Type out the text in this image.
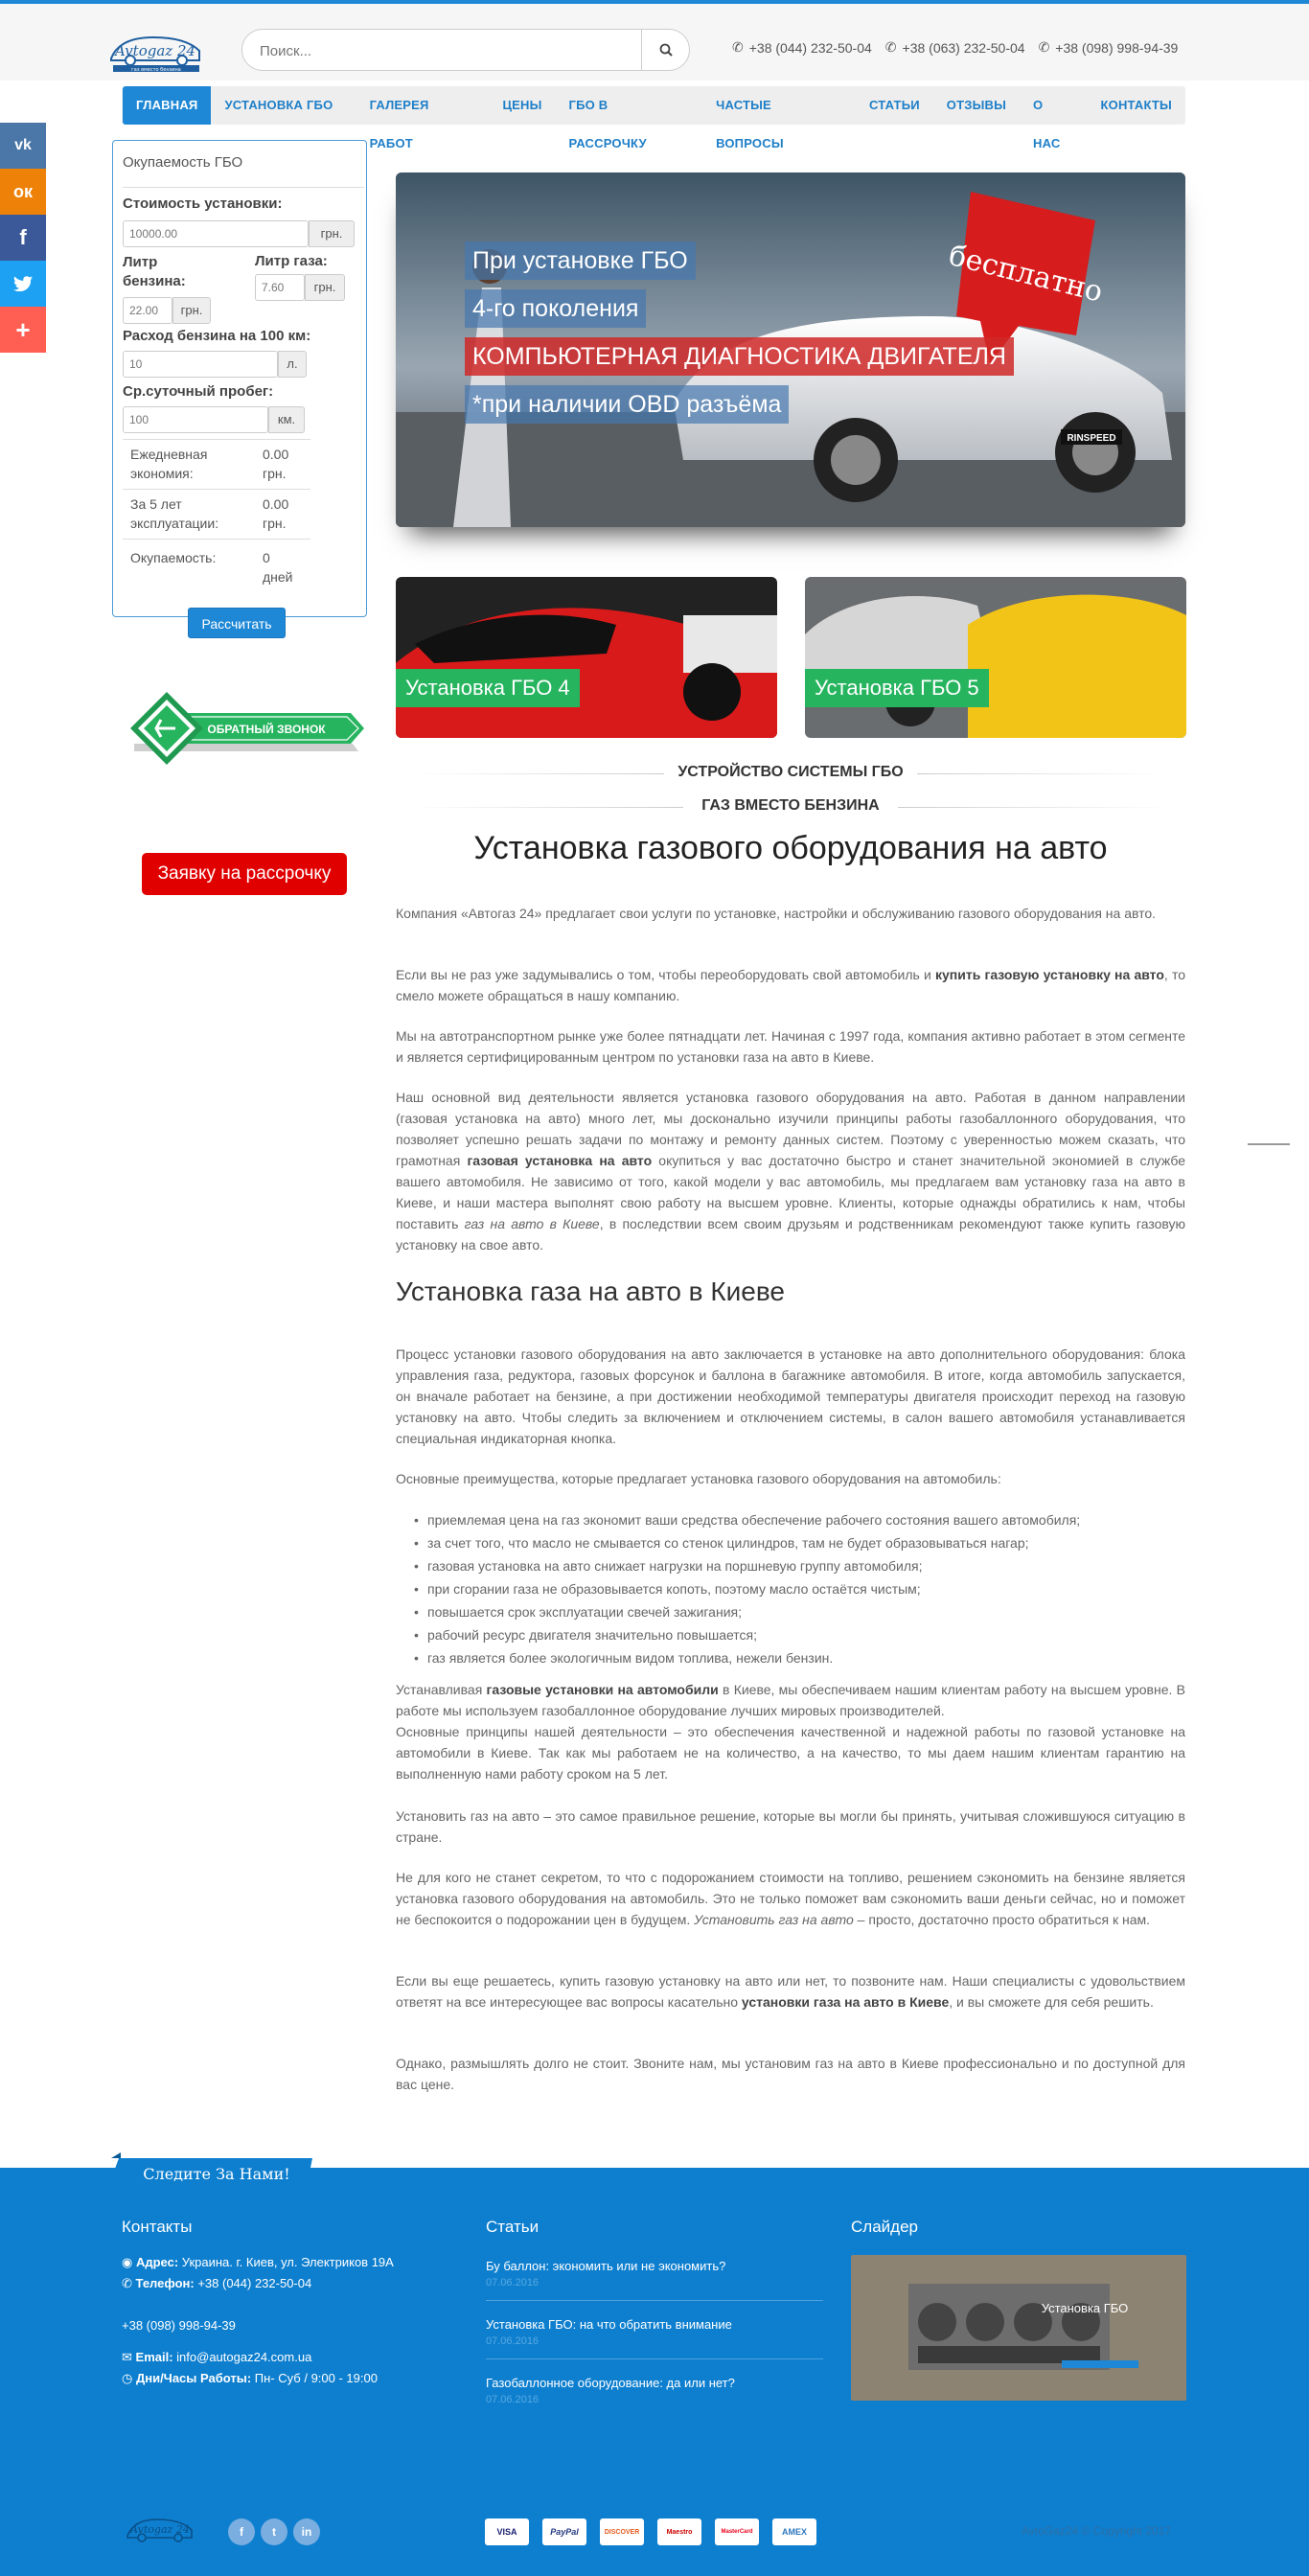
Avtogaz 24
газ вместо бензина
Поиск...
✆ +38 (044) 232-50-04 ✆ +38 (063) 232-50-04 ✆ +38 (098) 998-94-39
ГЛАВНАЯ	УСТАНОВКА ГБО	ГАЛЕРЕЯ РАБОТ
ЦЕНЫ	ГБО В РАССРОЧКУ
ЧАСТЫЕ ВОПРОСЫ
СТАТЬИ	ОТЗЫВЫ	О НАС
КОНТАКТЫ
vk
ок
f
+
Окупаемость ГБО
Стоимость установки:
10000.00
грн.
Литр бензина:
Литр газа:
22.00
грн.
7.60
грн.
Расход бензина на 100 км:
10
л.
Ср.суточный пробег:
100
км.
Ежедневная экономия:
0.00 грн.
За 5 лет эксплуатации:
0.00 грн.
Окупаемость:	0 дней
Рассчитать
ОБРАТНЫЙ ЗВОНОК
Заявку на рассрочку
бесплатно
RINSPEED
При установке ГБО
4-го поколения
КОМПЬЮТЕРНАЯ ДИАГНОСТИКА ДВИГАТЕЛЯ
*при наличии OBD разъёма
Установка ГБО 4	Установка ГБО 5
УСТРОЙСТВО СИСТЕМЫ ГБО
ГАЗ ВМЕСТО БЕНЗИНА
Установка газового оборудования на авто
Компания «Автогаз 24» предлагает свои услуги по установке, настройки и обслуживанию газового оборудования на авто.
Если вы не раз уже задумывались о том, чтобы переоборудовать свой автомобиль и купить газовую установку на авто, то смело можете обращаться в нашу компанию.
Мы на автотранспортном рынке уже более пятнадцати лет. Начиная с 1997 года, компания активно работает в этом сегменте и является сертифицированным центром по установки газа на авто в Киеве.
Наш основной вид деятельности является установка газового оборудования на авто. Работая в данном направлении (газовая установка на авто) много лет, мы досконально изучили принципы работы газобаллонного оборудования, что позволяет успешно решать задачи по монтажу и ремонту данных систем. Поэтому с уверенностью можем сказать, что грамотная газовая установка на авто окупиться у вас достаточно быстро и станет значительной экономией в службе вашего автомобиля. Не зависимо от того, какой модели у вас автомобиль, мы предлагаем вам установку газа на авто в Киеве, и наши мастера выполнят свою работу на высшем уровне. Клиенты, которые однажды обратились к нам, чтобы поставить газ на авто в Киеве, в последствии всем своим друзьям и родственникам рекомендуют также купить газовую установку на свое авто.
Установка газа на авто в Киеве
Процесс установки газового оборудования на авто заключается в установке на авто дополнительного оборудования: блока управления газа, редуктора, газовых форсунок и баллона в багажнике автомобиля. В итоге, когда автомобиль запускается, он вначале работает на бензине, а при достижении необходимой температуры двигателя происходит переход на газовую установку на авто. Чтобы следить за включением и отключением системы, в салон вашего автомобиля устанавливается специальная индикаторная кнопка.
Основные преимущества, которые предлагает установка газового оборудования на автомобиль:
• приемлемая цена на газ экономит ваши средства обеспечение рабочего состояния вашего автомобиля;
• за счет того, что масло не смывается со стенок цилиндров, там не будет образовываться нагар;
• газовая установка на авто снижает нагрузки на поршневую группу автомобиля;
• при сгорании газа не образовывается копоть, поэтому масло остаётся чистым;
• повышается срок эксплуатации свечей зажигания;
• рабочий ресурс двигателя значительно повышается;
• газ является более экологичным видом топлива, нежели бензин.
Устанавливая газовые установки на автомобили в Киеве, мы обеспечиваем нашим клиентам работу на высшем уровне. В работе мы используем газобаллонное оборудование лучших мировых производителей.
Основные принципы нашей деятельности – это обеспечения качественной и надежной работы по газовой установке на автомобили в Киеве. Так как мы работаем не на количество, а на качество, то мы даем нашим клиентам гарантию на выполненную нами работу сроком на 5 лет.
Установить газ на авто – это самое правильное решение, которые вы могли бы принять, учитывая сложившуюся ситуацию в стране.
Не для кого не станет секретом, то что с подорожанием стоимости на топливо, решением сэкономить на бензине является установка газового оборудования на автомобиль. Это не только поможет вам сэкономить ваши деньги сейчас, но и поможет не беспокоится о подорожании цен в будущем. Установить газ на авто – просто, достаточно просто обратиться к нам.
Если вы еще решаетесь, купить газовую установку на авто или нет, то позвоните нам. Наши специалисты с удовольствием ответят на все интересующее вас вопросы касательно установки газа на авто в Киеве, и вы сможете для себя решить.
Однако, размышлять долго не стоит. Звоните нам, мы установим газ на авто в Киеве профессионально и по доступной для вас цене.
Следите За Нами!
Контакты
◉ Адрес: Украина. г. Киев, ул. Электриков 19А
✆ Телефон: +38 (044) 232-50-04
+38 (098) 998-94-39
✉ Email: info@autogaz24.com.ua
◷ Дни/Часы Работы: Пн- Суб / 9:00 - 19:00
Статьи
Бу баллон: экономить или не экономить?
07.06.2016
Установка ГБО: на что обратить внимание
07.06.2016
Газобаллонное оборудование: да или нет?
07.06.2016
Слайдер
Установка ГБО
Avtogaz 24	f	t	in	VISA	PayPal	DISCOVER	Maestro	MasterCard	AMEX	AvtoGaz24 © Copyright 2017
